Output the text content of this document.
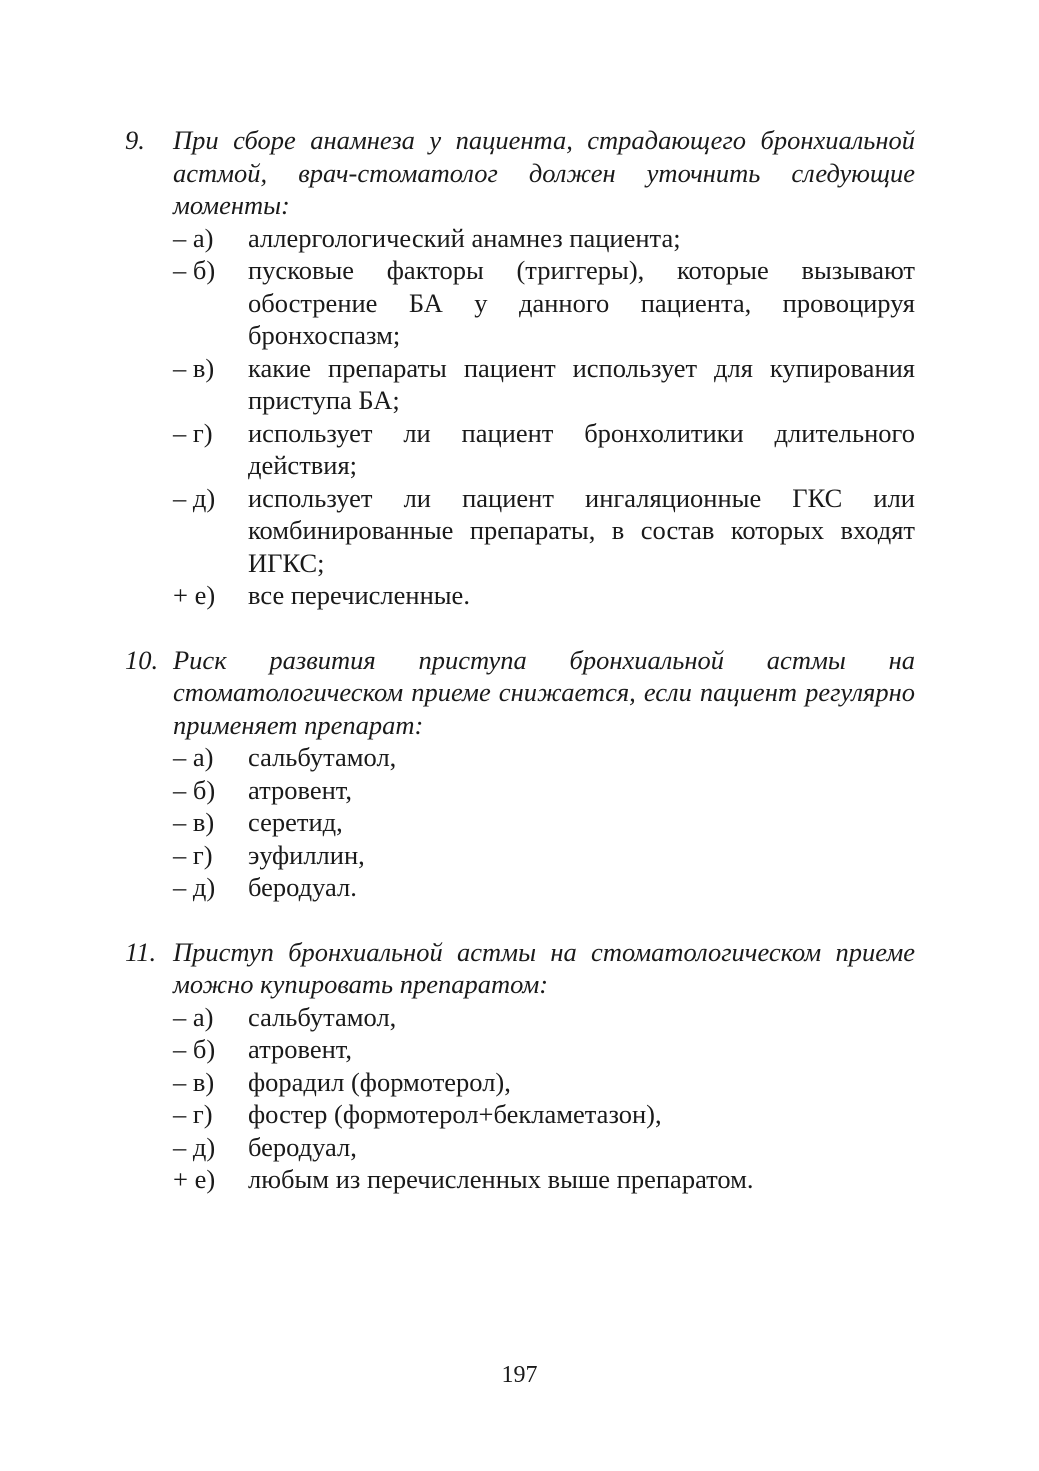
9.	При сборе анамнеза у пациента, страдающего бронхиальной астмой, врач-стоматолог должен уточнить следующие моменты:
– а)	аллергологический анамнез пациента;
– б)	пусковые факторы (триггеры), которые вызывают обострение БА у данного пациента, провоцируя бронхоспазм;
– в)	какие препараты пациент использует для купирования приступа БА;
– г)	использует ли пациент бронхолитики длительного действия;
– д)	использует ли пациент ингаляционные ГКС или комбинированные препараты, в состав которых входят ИГКС;
+ е)	все перечисленные.
10. Риск развития приступа бронхиальной астмы на стоматологическом приеме снижается, если пациент регулярно применяет препарат:
– а)	сальбутамол,
– б)	атровент,
– в)	серетид,
– г)	эуфиллин,
– д)	беродуал.
11. Приступ бронхиальной астмы на стоматологическом приеме можно купировать препаратом:
– а)	сальбутамол,
– б)	атровент,
– в)	форадил (формотерол),
– г)	фостер (формотерол+бекламетазон),
– д)	беродуал,
+ е)	любым из перечисленных выше препаратом.
197
